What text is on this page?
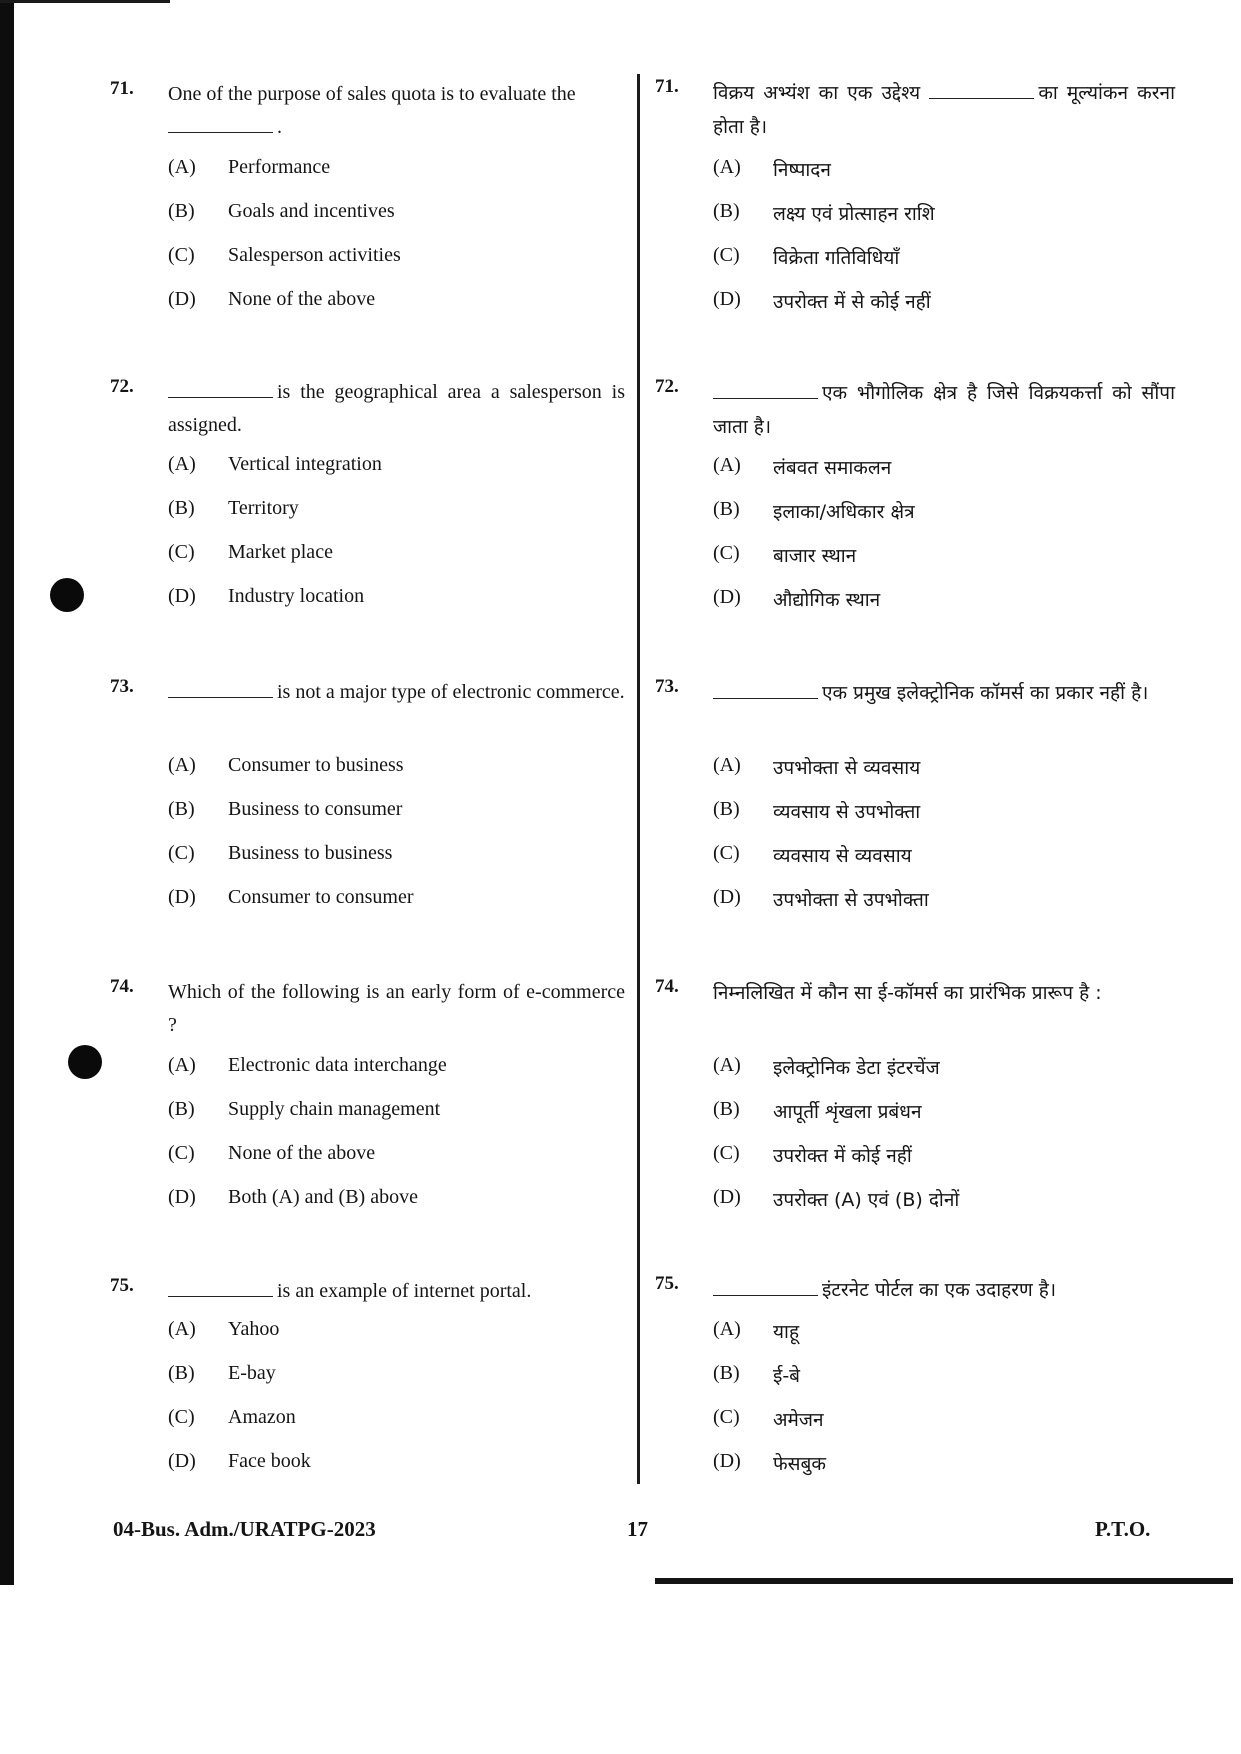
71.	One of the purpose of sales quota is to evaluate the
.
(A) Performance
(B) Goals and incentives
(C) Salesperson activities
(D) None of the above
72.	is the geographical area a salesperson is assigned.
(A) Vertical integration
(B) Territory
(C) Market place
(D) Industry location
73.	is not a major type of electronic commerce.
(A) Consumer to business
(B) Business to consumer
(C) Business to business
(D) Consumer to consumer
74.	Which of the following is an early form of e-commerce ?
(A) Electronic data interchange
(B) Supply chain management
(C) None of the above
(D) Both (A) and (B) above
75.	is an example of internet portal.
(A) Yahoo
(B) E-bay
(C) Amazon
(D) Face book
71.	विक्रय अभ्यंश का एक उद्देश्य	का मूल्यांकन करना होता है।
(A) निष्पादन
(B) लक्ष्य एवं प्रोत्साहन राशि
(C) विक्रेता गतिविधियाँ
(D) उपरोक्त में से कोई नहीं
72.	एक भौगोलिक क्षेत्र है जिसे विक्रयकर्त्ता को सौंपा जाता है।
(A) लंबवत समाकलन
(B) इलाका/अधिकार क्षेत्र
(C) बाजार स्थान
(D) औद्योगिक स्थान
73.	एक प्रमुख इलेक्ट्रोनिक कॉमर्स का प्रकार नहीं है।
(A) उपभोक्ता से व्यवसाय
(B) व्यवसाय से उपभोक्ता
(C) व्यवसाय से व्यवसाय
(D) उपभोक्ता से उपभोक्ता
74.	निम्नलिखित में कौन सा ई-कॉमर्स का प्रारंभिक प्रारूप है :
(A) इलेक्ट्रोनिक डेटा इंटरचेंज
(B) आपूर्ती शृंखला प्रबंधन
(C) उपरोक्त में कोई नहीं
(D) उपरोक्त (A) एवं (B) दोनों
75.	इंटरनेट पोर्टल का एक उदाहरण है।
(A) याहू
(B) ई-बे
(C) अमेजन
(D) फेसबुक
04-Bus. Adm./URATPG-2023	17	P.T.O.
